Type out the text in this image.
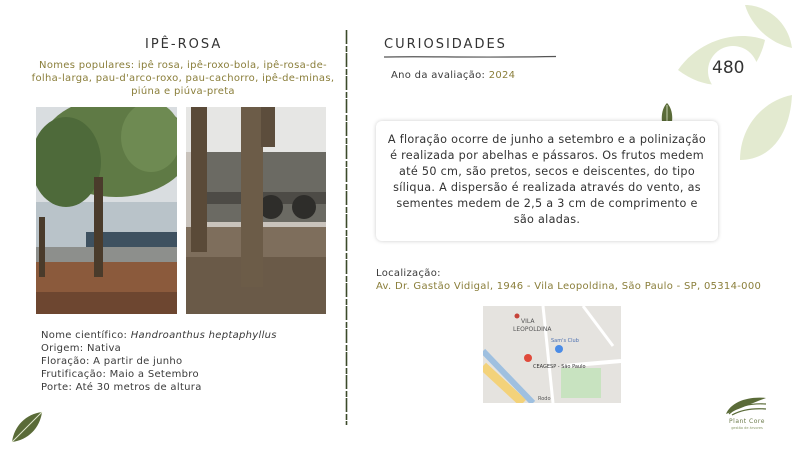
IPÊ-ROSA
Nomes populares: ipê rosa, ipê-roxo-bola, ipê-rosa-de-folha-larga, pau-d'arco-roxo, pau-cachorro, ipê-de-minas, piúna e piúva-preta
Nome científico: Handroanthus heptaphyllus
Origem: Nativa
Floração: A partir de junho
Frutificação: Maio a Setembro
Porte: Até 30 metros de altura
CURIOSIDADES
Ano da avaliação: 2024
A floração ocorre de junho a setembro e a polinização é realizada por abelhas e pássaros. Os frutos medem até 50 cm, são pretos, secos e deiscentes, do tipo síliqua. A dispersão é realizada através do vento, as sementes medem de 2,5 a 3 cm de comprimento e são aladas.
Localização:
Av. Dr. Gastão Vidigal, 1946 - Vila Leopoldina, São Paulo - SP, 05314-000
VILA
LEOPOLDINA
Sam's Club
CEAGESP - São Paulo
Rodo
480
Plant Core
gestão de árvores
